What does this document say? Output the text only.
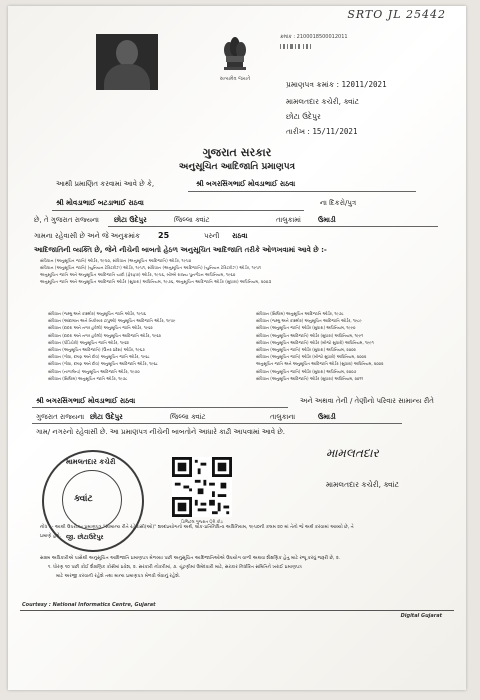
SRTO JL 25442
સત્યમેવ જયતે
ક્રમાંક : 2100018500012011
પ્રમાણપત્ર ક્રમાંક : 12011/2021
મામલતદાર કચેરી, ક્વાંટ
છોટા ઉદેપુર
તારીખ : 15/11/2021
ગુજરાત સરકાર
અનુસૂચિત આદિજાતિ પ્રમાણપત્ર
આથી પ્રમાણિત કરવામાં આવે છે કે,	શ્રી બગરસિંગભાઈ મોવડાભાઈ રાઠવા
શ્રી મોવડાભાઈ બટડાભાઈ રાઠવા	ના દિકરો/પુત્ર
છે, તે ગુજરાત રાજ્યના છોટા ઉદેપુર	જિલ્લા ક્વાંટ	તાલુકામાં ઉમાડી
ગામના રહેવાસી છે અને જે અનુક્રમાંક 25	પરની રાઠવા
આદિજાતિની વ્યક્તિ છે, જેને નીચેની બાબતો હેઠળ અનુસૂચિત આદિજાતિ તરીકે ઓળખવામાં આવે છે :-
સંવિધાન (અનુસૂચિત જાતિ) ઓર્ડર, ૧૯૫૦, સંવિધાન (અનુસૂચિત આદિજાતિ) ઓર્ડર, ૧૯૫૦
સંવિધાન (અનુસૂચિત જાતિ) (યુનિયન ટેરિટરીઝ) ઓર્ડર, ૧૯૫૧, સંવિધાન (અનુસૂચિત આદિજાતિ) (યુનિયન ટેરિટરીઝ) ઓર્ડર, ૧૯૫૧
અનુસૂચિત જાતિ અને અનુસૂચિત આદિજાતિ યાદી (ફેરફાર) ઓર્ડર, ૧૯૫૬, બોમ્બે રાજ્ય પુનર્ગઠન અધિનિયમ, ૧૯૬૦
અનુસૂચિત જાતિ અને અનુસૂચિત આદિજાતિ ઓર્ડર (સુધારા) અધિનિયમ, ૧૯૭૬, અનુસૂચિત આદિજાતિ ઓર્ડર (સુધારા) અધિનિયમ, ૨૦૦૩
સંવિધાન (જમ્મુ અને કાશ્મીર) અનુસૂચિત જાતિ ઓર્ડર, ૧૯૫૬
સંવિધાન (આંદામાન અને નિકોબાર ટાપુઓ) અનુસૂચિત આદિજાતિ ઓર્ડર, ૧૯૫૯
સંવિધાન (દાદરા અને નગર હવેલી) અનુસૂચિત જાતિ ઓર્ડર, ૧૯૬૨
સંવિધાન (દાદરા અને નગર હવેલી) અનુસૂચિત આદિજાતિ ઓર્ડર, ૧૯૬૨
સંવિધાન (પોંડિચેરી) અનુસૂચિત જાતિ ઓર્ડર, ૧૯૬૪
સંવિધાન (અનુસૂચિત આદિજાતિ) (ઉત્તર પ્રદેશ) ઓર્ડર, ૧૯૬૭
સંવિધાન (ગોવા, દમણ અને દીવ) અનુસૂચિત જાતિ ઓર્ડર, ૧૯૬૮
સંવિધાન (ગોવા, દમણ અને દીવ) અનુસૂચિત આદિજાતિ ઓર્ડર, ૧૯૬૮
સંવિધાન (નાગાલેન્ડ) અનુસૂચિત આદિજાતિ ઓર્ડર, ૧૯૭૦
સંવિધાન (સિક્કિમ) અનુસૂચિત જાતિ ઓર્ડર, ૧૯૭૮
સંવિધાન (સિક્કિમ) અનુસૂચિત આદિજાતિ ઓર્ડર, ૧૯૭૮
સંવિધાન (જમ્મુ અને કાશ્મીર) અનુસૂચિત આદિજાતિ ઓર્ડર, ૧૯૮૯
સંવિધાન (અનુસૂચિત જાતિ) ઓર્ડર (સુધારા) અધિનિયમ, ૧૯૯૦
સંવિધાન (અનુસૂચિત આદિજાતિ) ઓર્ડર (સુધારા) અધિનિયમ, ૧૯૯૧
સંવિધાન (અનુસૂચિત આદિજાતિ) ઓર્ડર (બીજો સુધારો) અધિનિયમ, ૧૯૯૧
સંવિધાન (અનુસૂચિત જાતિ) ઓર્ડર (સુધારા) અધિનિયમ, ૨૦૦૨
સંવિધાન (અનુસૂચિત જાતિ) ઓર્ડર (બીજો સુધારો) અધિનિયમ, ૨૦૦૨
અનુસૂચિત જાતિ અને અનુસૂચિત આદિજાતિ ઓર્ડર (સુધારા) અધિનિયમ, ૨૦૦૨
સંવિધાન (અનુસૂચિત જાતિ) ઓર્ડર (સુધારા) અધિનિયમ, ૨૦૦૭
સંવિધાન (અનુસૂચિત આદિજાતિ) ઓર્ડર (સુધારા) અધિનિયમ, ૨૦૧૧
શ્રી બગરસિંગભાઈ મોવડાભાઈ રાઠવા	અને અથવા તેની / તેણીનો પરિવાર સામાન્ય રીતે
ગુજરાત રાજ્યના છોટા ઉદેપુર	જિલ્લા ક્વાંટ	તાલુકાના	ઉમાડી
ગામ/ નગરનો રહેવાસી છે. આ પ્રમાણપત્ર નીચેની બાબતોને આધારે કાઢી આપવામાં આવે છે.
મામલતદાર કચેરી
ક્વાંટ
જી. છોટાઉદેપુર
ડિજિટલ ગુજરાત QR કોડ
મામલતદાર
મામલતદાર કચેરી, ક્વાંટ
નોંધ : - આથી ઉપરોક્ત પ્રમાણપત્ર "સામાન્ય રીતે રહેવાસી(ઓ)" શબ્દપ્રયોગનો અર્થ, લોક-પ્રતિનિધિત્વ અધિનિયમ, ૧૯૫૦ની કલમ ૨૦ માં તેનો જે અર્થ કરવામાં આવ્યો છે, તે
પ્રમાણે હશે.
સક્ષમ અધિકારીએ પાસેથી અનુસૂચિત આદિજાતિ પ્રમાણપત્ર મેળવ્યા પછી અનુસૂચિત આદિજાતિઓએ ઉપયોગ વાળી અથવા શૈક્ષણિક હેતુ માટે રજૂ કરવું જરૂરી છે, ૨.
૧. ધોરણ ૧૦ પછી કોઈ શૈક્ષણિક કોર્સમાં પ્રવેશ, ૨. સરકારી નોકરીમાં, ૩. ચૂંટણીમાં ઉમેદવારી માટે, સરકાર નિર્ધારિત સમિતિને ખરાઈ પ્રમાણપત્ર
માટે અરજી કરવાની રહેશે તથા માન્ય પ્રમાણપત્ર મેળવી લેવાનું રહેશે.
Courtesy : National Informatics Centre, Gujarat
Digital Gujarat
